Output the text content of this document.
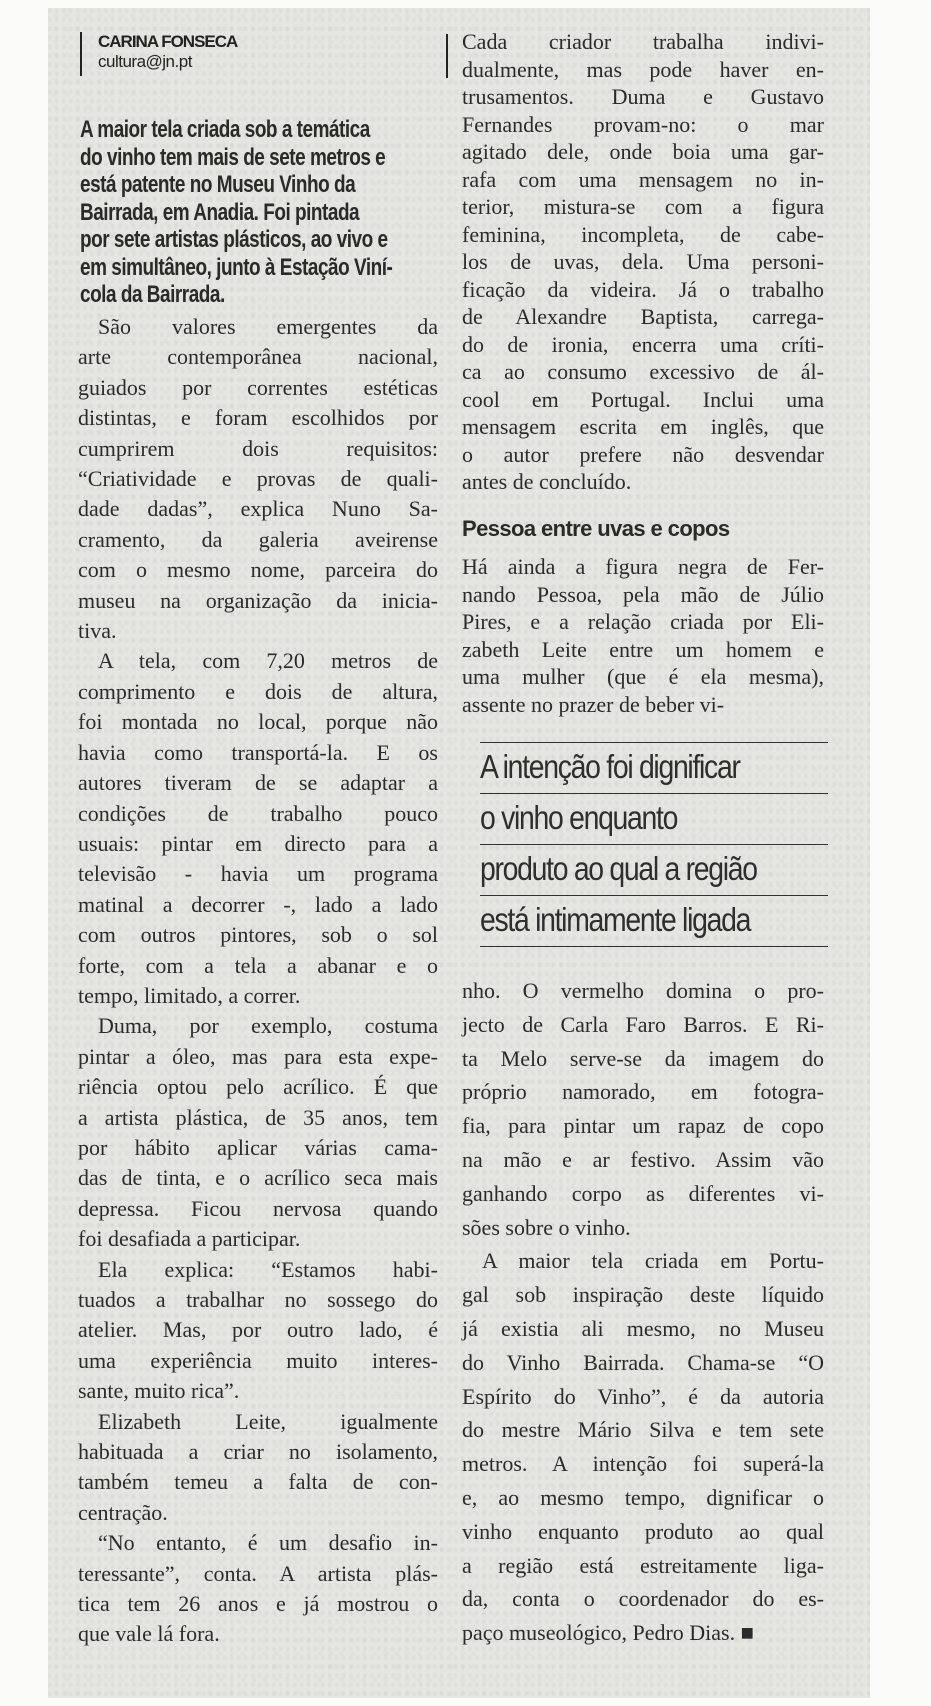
CARINA FONSECA
cultura@jn.pt
A maior tela criada sob a temática
do vinho tem mais de sete metros e
está patente no Museu Vinho da
Bairrada, em Anadia. Foi pintada
por sete artistas plásticos, ao vivo e
em simultâneo, junto à Estação Viní-
cola da Bairrada.
São valores emergentes da
arte contemporânea nacional,
guiados por correntes estéticas
distintas, e foram escolhidos por
cumprirem dois requisitos:
“Criatividade e provas de quali-
dade dadas”, explica Nuno Sa-
cramento, da galeria aveirense
com o mesmo nome, parceira do
museu na organização da inicia-
tiva.
A tela, com 7,20 metros de
comprimento e dois de altura,
foi montada no local, porque não
havia como transportá-la. E os
autores tiveram de se adaptar a
condições de trabalho pouco
usuais: pintar em directo para a
televisão - havia um programa
matinal a decorrer -, lado a lado
com outros pintores, sob o sol
forte, com a tela a abanar e o
tempo, limitado, a correr.
Duma, por exemplo, costuma
pintar a óleo, mas para esta expe-
riência optou pelo acrílico. É que
a artista plástica, de 35 anos, tem
por hábito aplicar várias cama-
das de tinta, e o acrílico seca mais
depressa. Ficou nervosa quando
foi desafiada a participar.
Ela explica: “Estamos habi-
tuados a trabalhar no sossego do
atelier. Mas, por outro lado, é
uma experiência muito interes-
sante, muito rica”.
Elizabeth Leite, igualmente
habituada a criar no isolamento,
também temeu a falta de con-
centração.
“No entanto, é um desafio in-
teressante”, conta. A artista plás-
tica tem 26 anos e já mostrou o
que vale lá fora.
Cada criador trabalha indivi-
dualmente, mas pode haver en-
trusamentos. Duma e Gustavo
Fernandes provam-no: o mar
agitado dele, onde boia uma gar-
rafa com uma mensagem no in-
terior, mistura-se com a figura
feminina, incompleta, de cabe-
los de uvas, dela. Uma personi-
ficação da videira. Já o trabalho
de Alexandre Baptista, carrega-
do de ironia, encerra uma críti-
ca ao consumo excessivo de ál-
cool em Portugal. Inclui uma
mensagem escrita em inglês, que
o autor prefere não desvendar
antes de concluído.
Pessoa entre uvas e copos
Há ainda a figura negra de Fer-
nando Pessoa, pela mão de Júlio
Pires, e a relação criada por Eli-
zabeth Leite entre um homem e
uma mulher (que é ela mesma),
assente no prazer de beber vi-
A intenção foi dignificar
o vinho enquanto
produto ao qual a região
está intimamente ligada
nho. O vermelho domina o pro-
jecto de Carla Faro Barros. E Ri-
ta Melo serve-se da imagem do
próprio namorado, em fotogra-
fia, para pintar um rapaz de copo
na mão e ar festivo. Assim vão
ganhando corpo as diferentes vi-
sões sobre o vinho.
A maior tela criada em Portu-
gal sob inspiração deste líquido
já existia ali mesmo, no Museu
do Vinho Bairrada. Chama-se “O
Espírito do Vinho”, é da autoria
do mestre Mário Silva e tem sete
metros. A intenção foi superá-la
e, ao mesmo tempo, dignificar o
vinho enquanto produto ao qual
a região está estreitamente liga-
da, conta o coordenador do es-
paço museológico, Pedro Dias. ■
